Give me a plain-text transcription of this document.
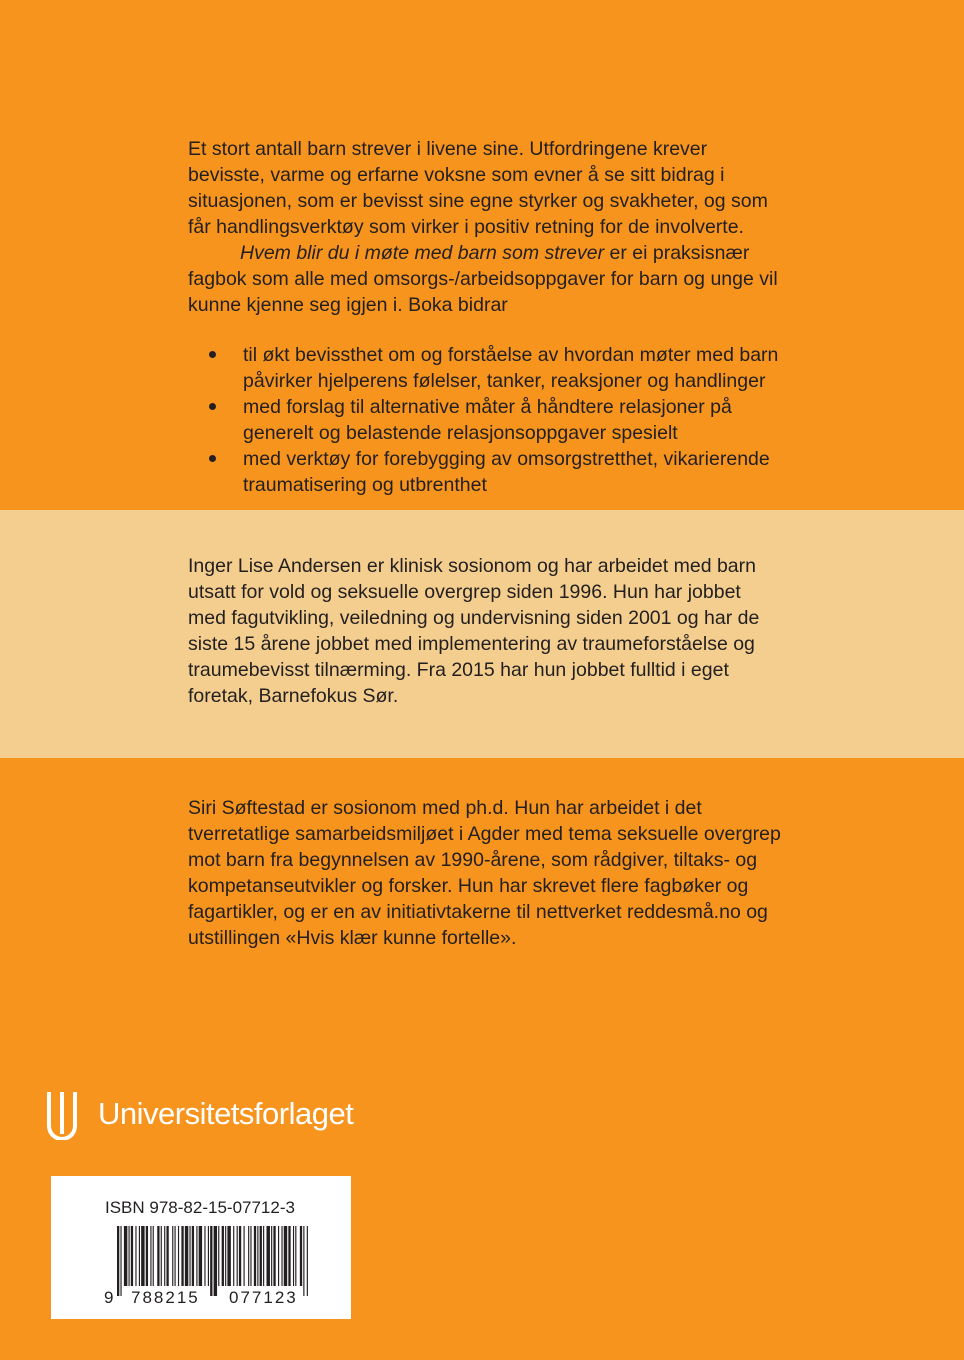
Et stort antall barn strever i livene sine. Utfordringene krever bevisste, varme og erfarne voksne som evner å se sitt bidrag i situasjonen, som er bevisst sine egne styrker og svakheter, og som får handlingsverktøy som virker i positiv retning for de involverte.

Hvem blir du i møte med barn som strever er ei praksisnær fagbok som alle med omsorgs-/arbeidsoppgaver for barn og unge vil kunne kjenne seg igjen i. Boka bidrar

til økt bevissthet om og forståelse av hvordan møter med barn påvirker hjelperens følelser, tanker, reaksjoner og handlinger
med forslag til alternative måter å håndtere relasjoner på generelt og belastende relasjonsoppgaver spesielt
med verktøy for forebygging av omsorgstretthet, vikarierende traumatisering og utbrenthet

Inger Lise Andersen er klinisk sosionom og har arbeidet med barn utsatt for vold og seksuelle overgrep siden 1996. Hun har jobbet med fagutvikling, veiledning og undervisning siden 2001 og har de siste 15 årene jobbet med implementering av traumeforståelse og traumebevisst tilnærming. Fra 2015 har hun jobbet fulltid i eget foretak, Barnefokus Sør.

Siri Søftestad er sosionom med ph.d. Hun har arbeidet i det tverretatlige samarbeidsmiljøet i Agder med tema seksuelle overgrep mot barn fra begynnelsen av 1990-årene, som rådgiver, tiltaks- og kompetanseutvikler og forsker. Hun har skrevet flere fagbøker og fagartikler, og er en av initiativtakerne til nettverket reddesmå.no og utstillingen «Hvis klær kunne fortelle».

Universitetsforlaget
ISBN 978-82-15-07712-3
9 788215 077123
